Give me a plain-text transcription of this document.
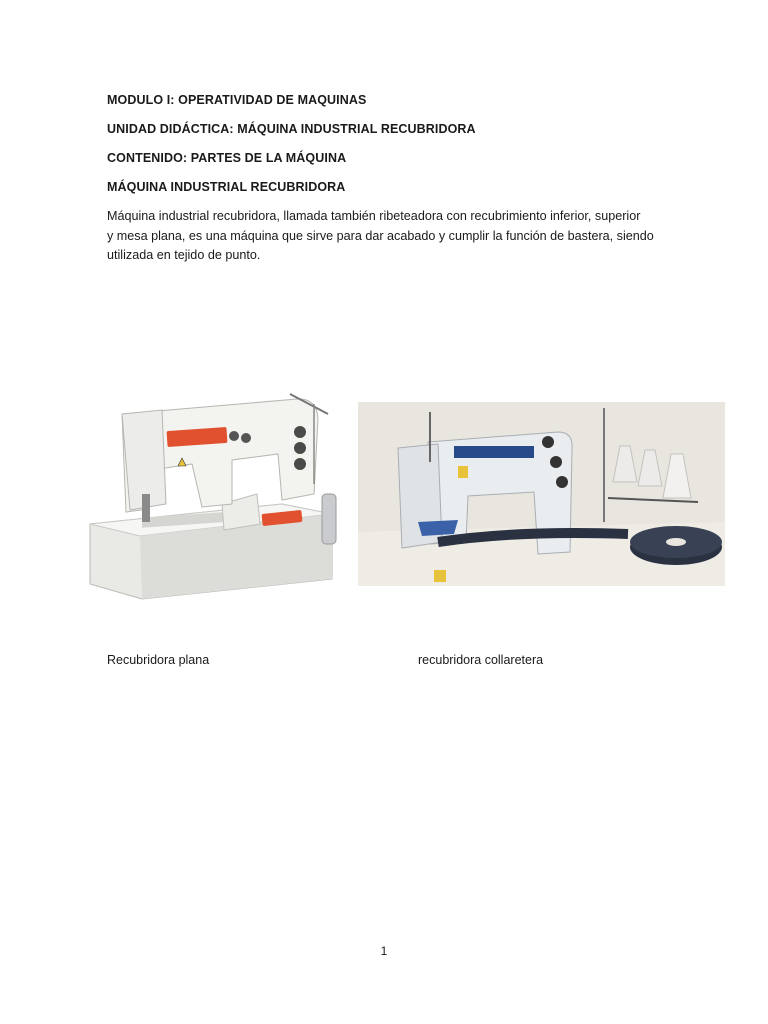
MODULO I: OPERATIVIDAD DE MAQUINAS
UNIDAD DIDÁCTICA: MÁQUINA INDUSTRIAL RECUBRIDORA
CONTENIDO: PARTES DE LA MÁQUINA
MÁQUINA INDUSTRIAL RECUBRIDORA
Máquina industrial recubridora, llamada también ribeteadora con recubrimiento inferior, superior
y mesa plana, es una máquina que sirve para dar acabado y cumplir la función de bastera, siendo
utilizada en tejido de punto.
Recubridora plana	recubridora collaretera
1
